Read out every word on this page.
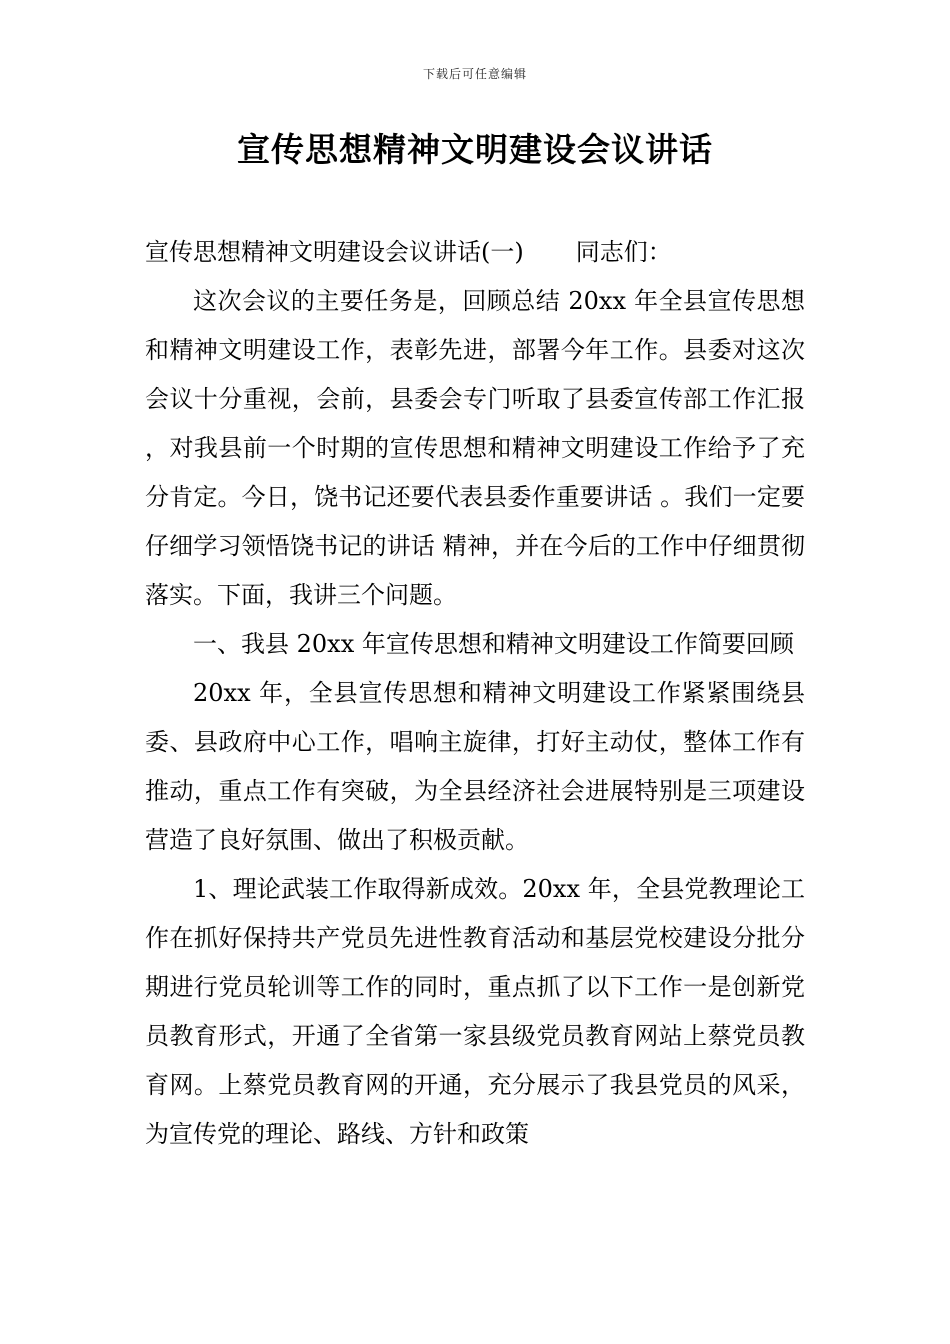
下载后可任意编辑
宣传思想精神文明建设会议讲话

宣传思想精神文明建设会议讲话(一) 同志们：

这次会议的主要任务是，回顾总结 20xx 年全县宣传思想和精神文明建设工作，表彰先进，部署今年工作。县委对这次会议十分重视，会前，县委会专门听取了县委宣传部工作汇报 ，对我县前一个时期的宣传思想和精神文明建设工作给予了充分肯定。今日，饶书记还要代表县委作重要讲话 。我们一定要仔细学习领悟饶书记的讲话 精神，并在今后的工作中仔细贯彻落实。下面，我讲三个问题。

一、我县 20xx 年宣传思想和精神文明建设工作简要回顾

20xx 年，全县宣传思想和精神文明建设工作紧紧围绕县委、县政府中心工作，唱响主旋律，打好主动仗，整体工作有推动，重点工作有突破，为全县经济社会进展特别是三项建设营造了良好氛围、做出了积极贡献。

1、理论武装工作取得新成效。20xx 年，全县党教理论工作在抓好保持共产党员先进性教育活动和基层党校建设分批分期进行党员轮训等工作的同时，重点抓了以下工作一是创新党员教育形式，开通了全省第一家县级党员教育网站上蔡党员教育网。上蔡党员教育网的开通，充分展示了我县党员的风采，为宣传党的理论、路线、方针和政策
